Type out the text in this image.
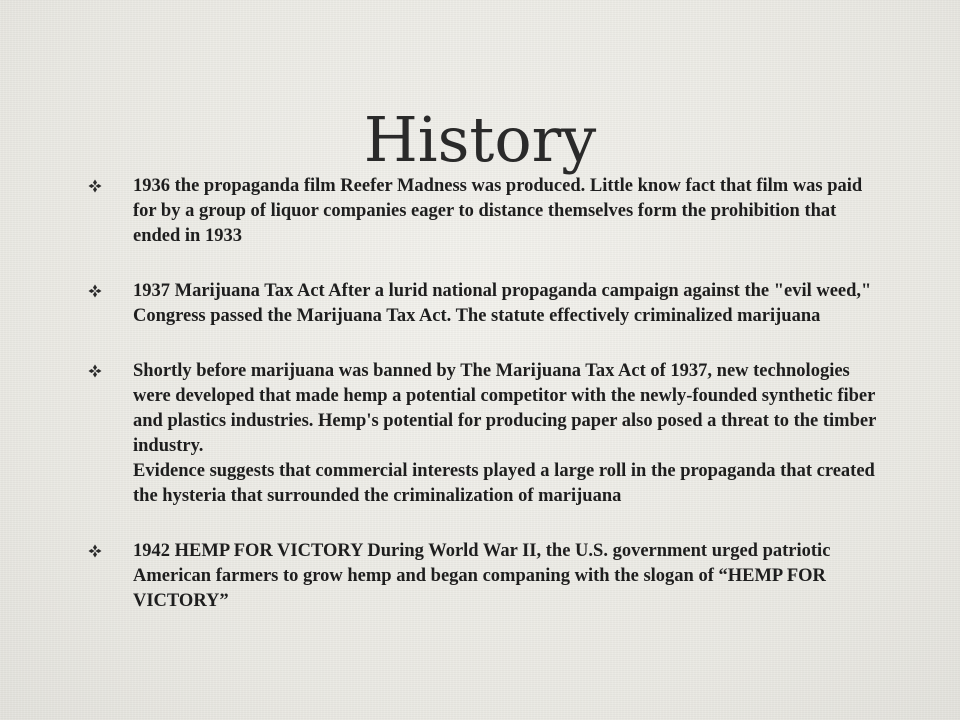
History

1936 the propaganda film Reefer Madness was produced. Little know fact that film was paid for by a group of liquor companies eager to distance themselves form the prohibition that ended in 1933

1937 Marijuana Tax Act After a lurid national propaganda campaign against the "evil weed," Congress passed the Marijuana Tax Act. The statute effectively criminalized marijuana

Shortly before marijuana was banned by The Marijuana Tax Act of 1937, new technologies were developed that made hemp a potential competitor with the newly-founded synthetic fiber and plastics industries. Hemp's potential for producing paper also posed a threat to the timber industry.

Evidence suggests that commercial interests played a large roll in the propaganda that created the hysteria that surrounded the criminalization of marijuana

1942 HEMP FOR VICTORY During World War II, the U.S. government urged patriotic American farmers to grow hemp and began companing with the slogan of “HEMP FOR VICTORY”
